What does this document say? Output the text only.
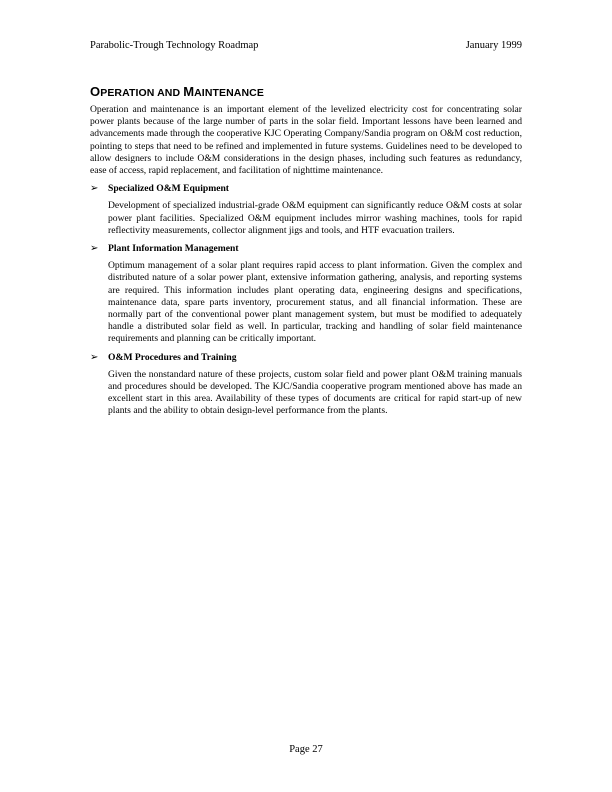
Parabolic-Trough Technology Roadmap	January 1999
OPERATION AND MAINTENANCE

Operation and maintenance is an important element of the levelized electricity cost for concentrating solar power plants because of the large number of parts in the solar field. Important lessons have been learned and advancements made through the cooperative KJC Operating Company/Sandia program on O&M cost reduction, pointing to steps that need to be refined and implemented in future systems. Guidelines need to be developed to allow designers to include O&M considerations in the design phases, including such features as redundancy, ease of access, rapid replacement, and facilitation of nighttime maintenance.

➢	Specialized O&M Equipment

Development of specialized industrial-grade O&M equipment can significantly reduce O&M costs at solar power plant facilities. Specialized O&M equipment includes mirror washing machines, tools for rapid reflectivity measurements, collector alignment jigs and tools, and HTF evacuation trailers.

➢	Plant Information Management

Optimum management of a solar plant requires rapid access to plant information. Given the complex and distributed nature of a solar power plant, extensive information gathering, analysis, and reporting systems are required. This information includes plant operating data, engineering designs and specifications, maintenance data, spare parts inventory, procurement status, and all financial information. These are normally part of the conventional power plant management system, but must be modified to adequately handle a distributed solar field as well. In particular, tracking and handling of solar field maintenance requirements and planning can be critically important.

➢	O&M Procedures and Training

Given the nonstandard nature of these projects, custom solar field and power plant O&M training manuals and procedures should be developed. The KJC/Sandia cooperative program mentioned above has made an excellent start in this area. Availability of these types of documents are critical for rapid start-up of new plants and the ability to obtain design-level performance from the plants.

Page 27
